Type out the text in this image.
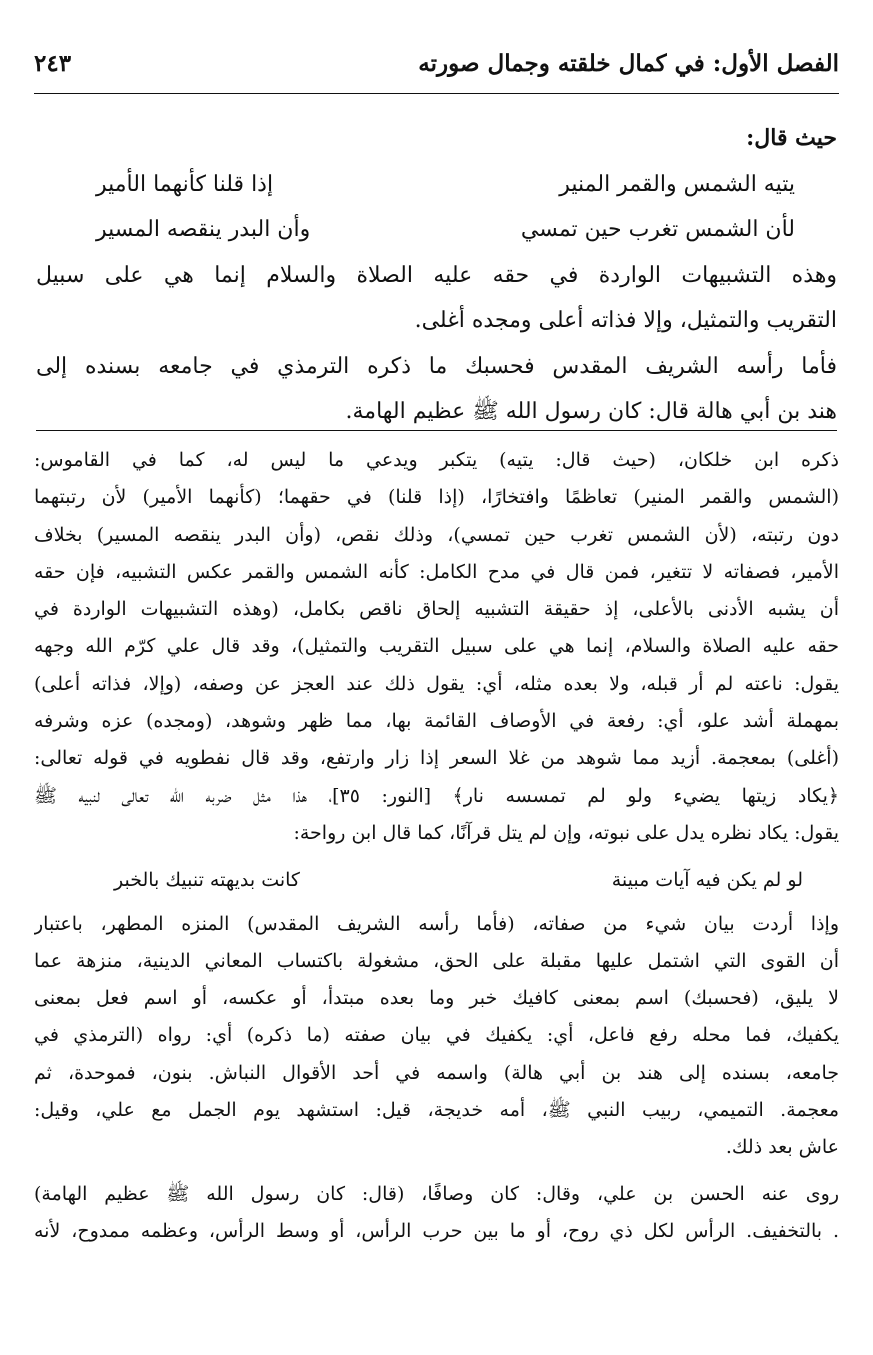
الفصل الأول: في كمال خلقته وجمال صورته
٢٤٣
حيث قال:
يتيه الشمس والقمر المنير
إذا قلنا كأنهما الأمير
لأن الشمس تغرب حين تمسي
وأن البدر ينقصه المسير
وهذه التشبيهات الواردة في حقه عليه الصلاة والسلام إنما هي على سبيل
التقريب والتمثيل، وإلا فذاته أعلى ومجده أغلى.
فأما رأسه الشريف المقدس فحسبك ما ذكره الترمذي في جامعه بسنده إلى
هند بن أبي هالة قال: كان رسول الله ﷺ عظيم الهامة.
ذكره ابن خلكان، (حيث قال: يتيه) يتكبر ويدعي ما ليس له، كما في القاموس:
(الشمس والقمر المنير) تعاظمًا وافتخارًا، (إذا قلنا) في حقهما؛ (كأنهما الأمير) لأن رتبتهما
دون رتبته، (لأن الشمس تغرب حين تمسي)، وذلك نقص، (وأن البدر ينقصه المسير) بخلاف
الأمير، فصفاته لا تتغير، فمن قال في مدح الكامل: كأنه الشمس والقمر عكس التشبيه، فإن حقه
أن يشبه الأدنى بالأعلى، إذ حقيقة التشبيه إلحاق ناقص بكامل، (وهذه التشبيهات الواردة في
حقه عليه الصلاة والسلام، إنما هي على سبيل التقريب والتمثيل)، وقد قال علي كرّم الله وجهه
يقول: ناعته لم أر قبله، ولا بعده مثله، أي: يقول ذلك عند العجز عن وصفه، (وإلا، فذاته أعلى)
بمهملة أشد علو، أي: رفعة في الأوصاف القائمة بها، مما ظهر وشوهد، (ومجده) عزه وشرفه
(أغلى) بمعجمة. أزيد مما شوهد من غلا السعر إذا زار وارتفع، وقد قال نفطويه في قوله تعالى:
﴿يكاد زيتها يضيء ولو لم تمسسه نار﴾ [النور: ٣٥]، هذا مثل ضربه الله تعالى لنبيه ﷺ
يقول: يكاد نظره يدل على نبوته، وإن لم يتل قرآنًا، كما قال ابن رواحة:
لو لم يكن فيه آيات مبينة
كانت بديهته تنبيك بالخبر
وإذا أردت بيان شيء من صفاته، (فأما رأسه الشريف المقدس) المنزه المطهر، باعتبار
أن القوى التي اشتمل عليها مقبلة على الحق، مشغولة باكتساب المعاني الدينية، منزهة عما
لا يليق، (فحسبك) اسم بمعنى كافيك خبر وما بعده مبتدأ، أو عكسه، أو اسم فعل بمعنى
يكفيك، فما محله رفع فاعل، أي: يكفيك في بيان صفته (ما ذكره) أي: رواه (الترمذي في
جامعه، بسنده إلى هند بن أبي هالة) واسمه في أحد الأقوال النباش. بنون، فموحدة، ثم
معجمة. التميمي، ربيب النبي ﷺ، أمه خديجة، قيل: استشهد يوم الجمل مع علي، وقيل:
عاش بعد ذلك.
روى عنه الحسن بن علي، وقال: كان وصافًا، (قال: كان رسول الله ﷺ عظيم الهامة)
. بالتخفيف. الرأس لكل ذي روح، أو ما بين حرب الرأس، أو وسط الرأس، وعظمه ممدوح، لأنه
